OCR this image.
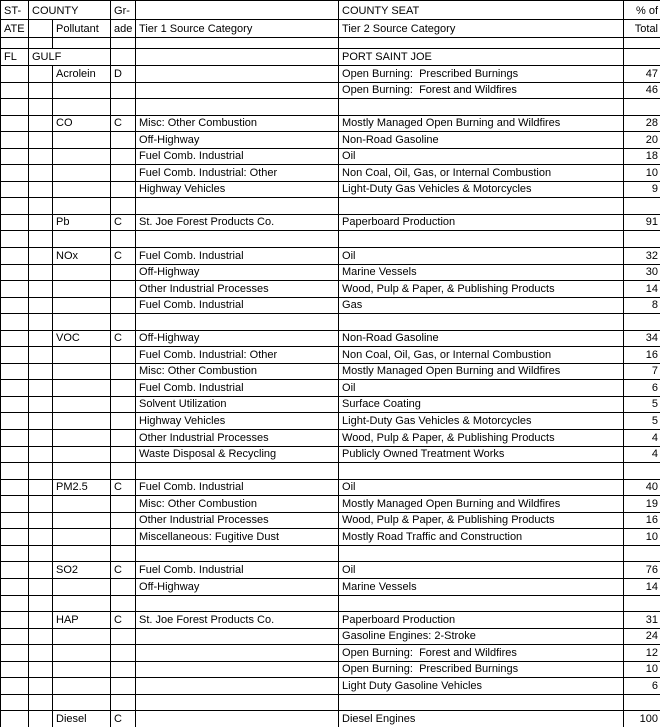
ST-	COUNTY		Gr-		COUNTY SEAT	% of
ATE		Pollutant	ade	Tier 1 Source Category	Tier 2 Source Category	Total

FL	GULF				PORT SAINT JOE	
		Acrolein	D		Open Burning:  Prescribed Burnings	47
					Open Burning:  Forest and Wildfires	46

		CO	C	Misc: Other Combustion	Mostly Managed Open Burning and Wildfires	28
				Off-Highway	Non-Road Gasoline	20
				Fuel Comb. Industrial	Oil	18
				Fuel Comb. Industrial: Other	Non Coal, Oil, Gas, or Internal Combustion	10
				Highway Vehicles	Light-Duty Gas Vehicles & Motorcycles	9

		Pb	C	St. Joe Forest Products Co.	Paperboard Production	91

		NOx	C	Fuel Comb. Industrial	Oil	32
				Off-Highway	Marine Vessels	30
				Other Industrial Processes	Wood, Pulp & Paper, & Publishing Products	14
				Fuel Comb. Industrial	Gas	8

		VOC	C	Off-Highway	Non-Road Gasoline	34
				Fuel Comb. Industrial: Other	Non Coal, Oil, Gas, or Internal Combustion	16
				Misc: Other Combustion	Mostly Managed Open Burning and Wildfires	7
				Fuel Comb. Industrial	Oil	6
				Solvent Utilization	Surface Coating	5
				Highway Vehicles	Light-Duty Gas Vehicles & Motorcycles	5
				Other Industrial Processes	Wood, Pulp & Paper, & Publishing Products	4
				Waste Disposal & Recycling	Publicly Owned Treatment Works	4

		PM2.5	C	Fuel Comb. Industrial	Oil	40
				Misc: Other Combustion	Mostly Managed Open Burning and Wildfires	19
				Other Industrial Processes	Wood, Pulp & Paper, & Publishing Products	16
				Miscellaneous: Fugitive Dust	Mostly Road Traffic and Construction	10

		SO2	C	Fuel Comb. Industrial	Oil	76
				Off-Highway	Marine Vessels	14

		HAP	C	St. Joe Forest Products Co.	Paperboard Production	31
					Gasoline Engines: 2-Stroke	24
					Open Burning:  Forest and Wildfires	12
					Open Burning:  Prescribed Burnings	10
					Light Duty Gasoline Vehicles	6

		Diesel	C		Diesel Engines	100
